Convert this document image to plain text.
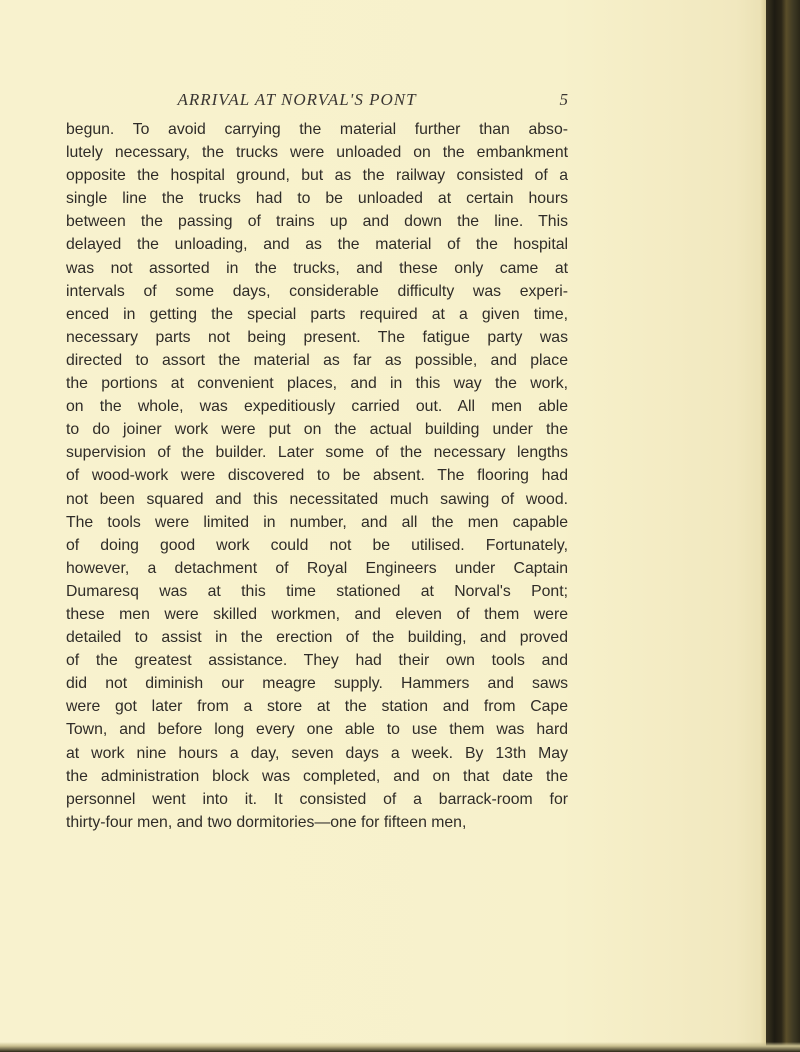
ARRIVAL AT NORVAL'S PONT	5
begun. To avoid carrying the material further than abso-
lutely necessary, the trucks were unloaded on the embankment
opposite the hospital ground, but as the railway consisted of a
single line the trucks had to be unloaded at certain hours
between the passing of trains up and down the line. This
delayed the unloading, and as the material of the hospital
was not assorted in the trucks, and these only came at
intervals of some days, considerable difficulty was experi-
enced in getting the special parts required at a given time,
necessary parts not being present. The fatigue party was
directed to assort the material as far as possible, and place
the portions at convenient places, and in this way the work,
on the whole, was expeditiously carried out. All men able
to do joiner work were put on the actual building under the
supervision of the builder. Later some of the necessary lengths
of wood-work were discovered to be absent. The flooring had
not been squared and this necessitated much sawing of wood.
The tools were limited in number, and all the men capable
of doing good work could not be utilised. Fortunately,
however, a detachment of Royal Engineers under Captain
Dumaresq was at this time stationed at Norval's Pont;
these men were skilled workmen, and eleven of them were
detailed to assist in the erection of the building, and proved
of the greatest assistance. They had their own tools and
did not diminish our meagre supply. Hammers and saws
were got later from a store at the station and from Cape
Town, and before long every one able to use them was hard
at work nine hours a day, seven days a week. By 13th May
the administration block was completed, and on that date the
personnel went into it. It consisted of a barrack-room for
thirty-four men, and two dormitories—one for fifteen men,
